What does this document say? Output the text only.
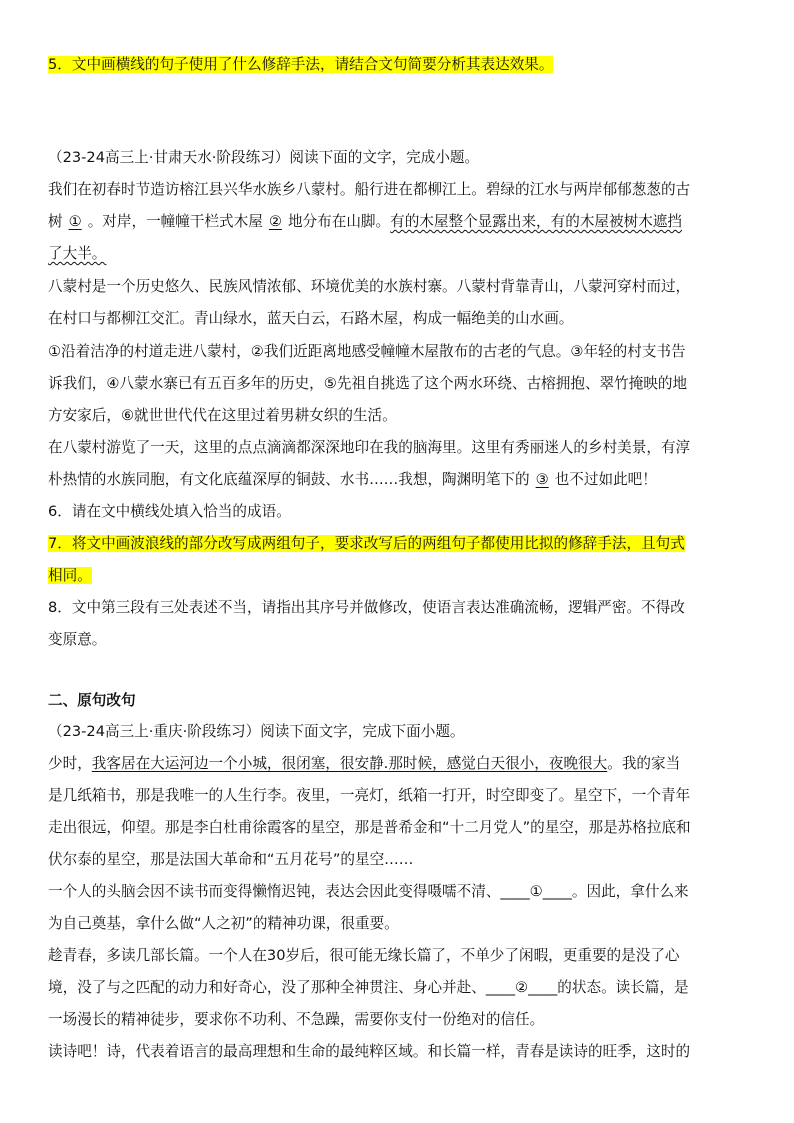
5．文中画横线的句子使用了什么修辞手法，请结合文句简要分析其表达效果。
（23-24高三上·甘肃天水·阶段练习）阅读下面的文字，完成小题。
我们在初春时节造访榕江县兴华水族乡八蒙村。船行进在都柳江上。碧绿的江水与两岸郁郁葱葱的古
树 ① 。对岸，一幢幢干栏式木屋 ② 地分布在山脚。有的木屋整个显露出来，有的木屋被树木遮挡
了大半。
八蒙村是一个历史悠久、民族风情浓郁、环境优美的水族村寨。八蒙村背靠青山，八蒙河穿村而过，
在村口与都柳江交汇。青山绿水，蓝天白云，石路木屋，构成一幅绝美的山水画。
①沿着洁净的村道走进八蒙村，②我们近距离地感受幢幢木屋散布的古老的气息。③年轻的村支书告
诉我们，④八蒙水寨已有五百多年的历史，⑤先祖自挑选了这个两水环绕、古榕拥抱、翠竹掩映的地
方安家后，⑥就世世代代在这里过着男耕女织的生活。
在八蒙村游览了一天，这里的点点滴滴都深深地印在我的脑海里。这里有秀丽迷人的乡村美景，有淳
朴热情的水族同胞，有文化底蕴深厚的铜鼓、水书……我想，陶渊明笔下的 ③ 也不过如此吧！
6．请在文中横线处填入恰当的成语。
7．将文中画波浪线的部分改写成两组句子，要求改写后的两组句子都使用比拟的修辞手法，且句式
相同。
8．文中第三段有三处表述不当，请指出其序号并做修改，使语言表达准确流畅，逻辑严密。不得改
变原意。
二、原句改句
（23-24高三上·重庆·阶段练习）阅读下面文字，完成下面小题。
少时，我客居在大运河边一个小城，很闭塞，很安静.那时候，感觉白天很小，夜晚很大。我的家当
是几纸箱书，那是我唯一的人生行李。夜里，一亮灯，纸箱一打开，时空即变了。星空下，一个青年
走出很远，仰望。那是李白杜甫徐霞客的星空，那是普希金和“十二月党人”的星空，那是苏格拉底和
伏尔泰的星空，那是法国大革命和“五月花号”的星空……
一个人的头脑会因不读书而变得懒惰迟钝，表达会因此变得嗫嚅不清、____①____。因此，拿什么来
为自己奠基，拿什么做“人之初”的精神功课，很重要。
趁青春，多读几部长篇。一个人在30岁后，很可能无缘长篇了，不单少了闲暇，更重要的是没了心
境，没了与之匹配的动力和好奇心，没了那种全神贯注、身心并赴、____②____的状态。读长篇，是
一场漫长的精神徒步，要求你不功利、不急躁，需要你支付一份绝对的信任。
读诗吧！诗，代表着语言的最高理想和生命的最纯粹区域。和长篇一样，青春是读诗的旺季，这时的
